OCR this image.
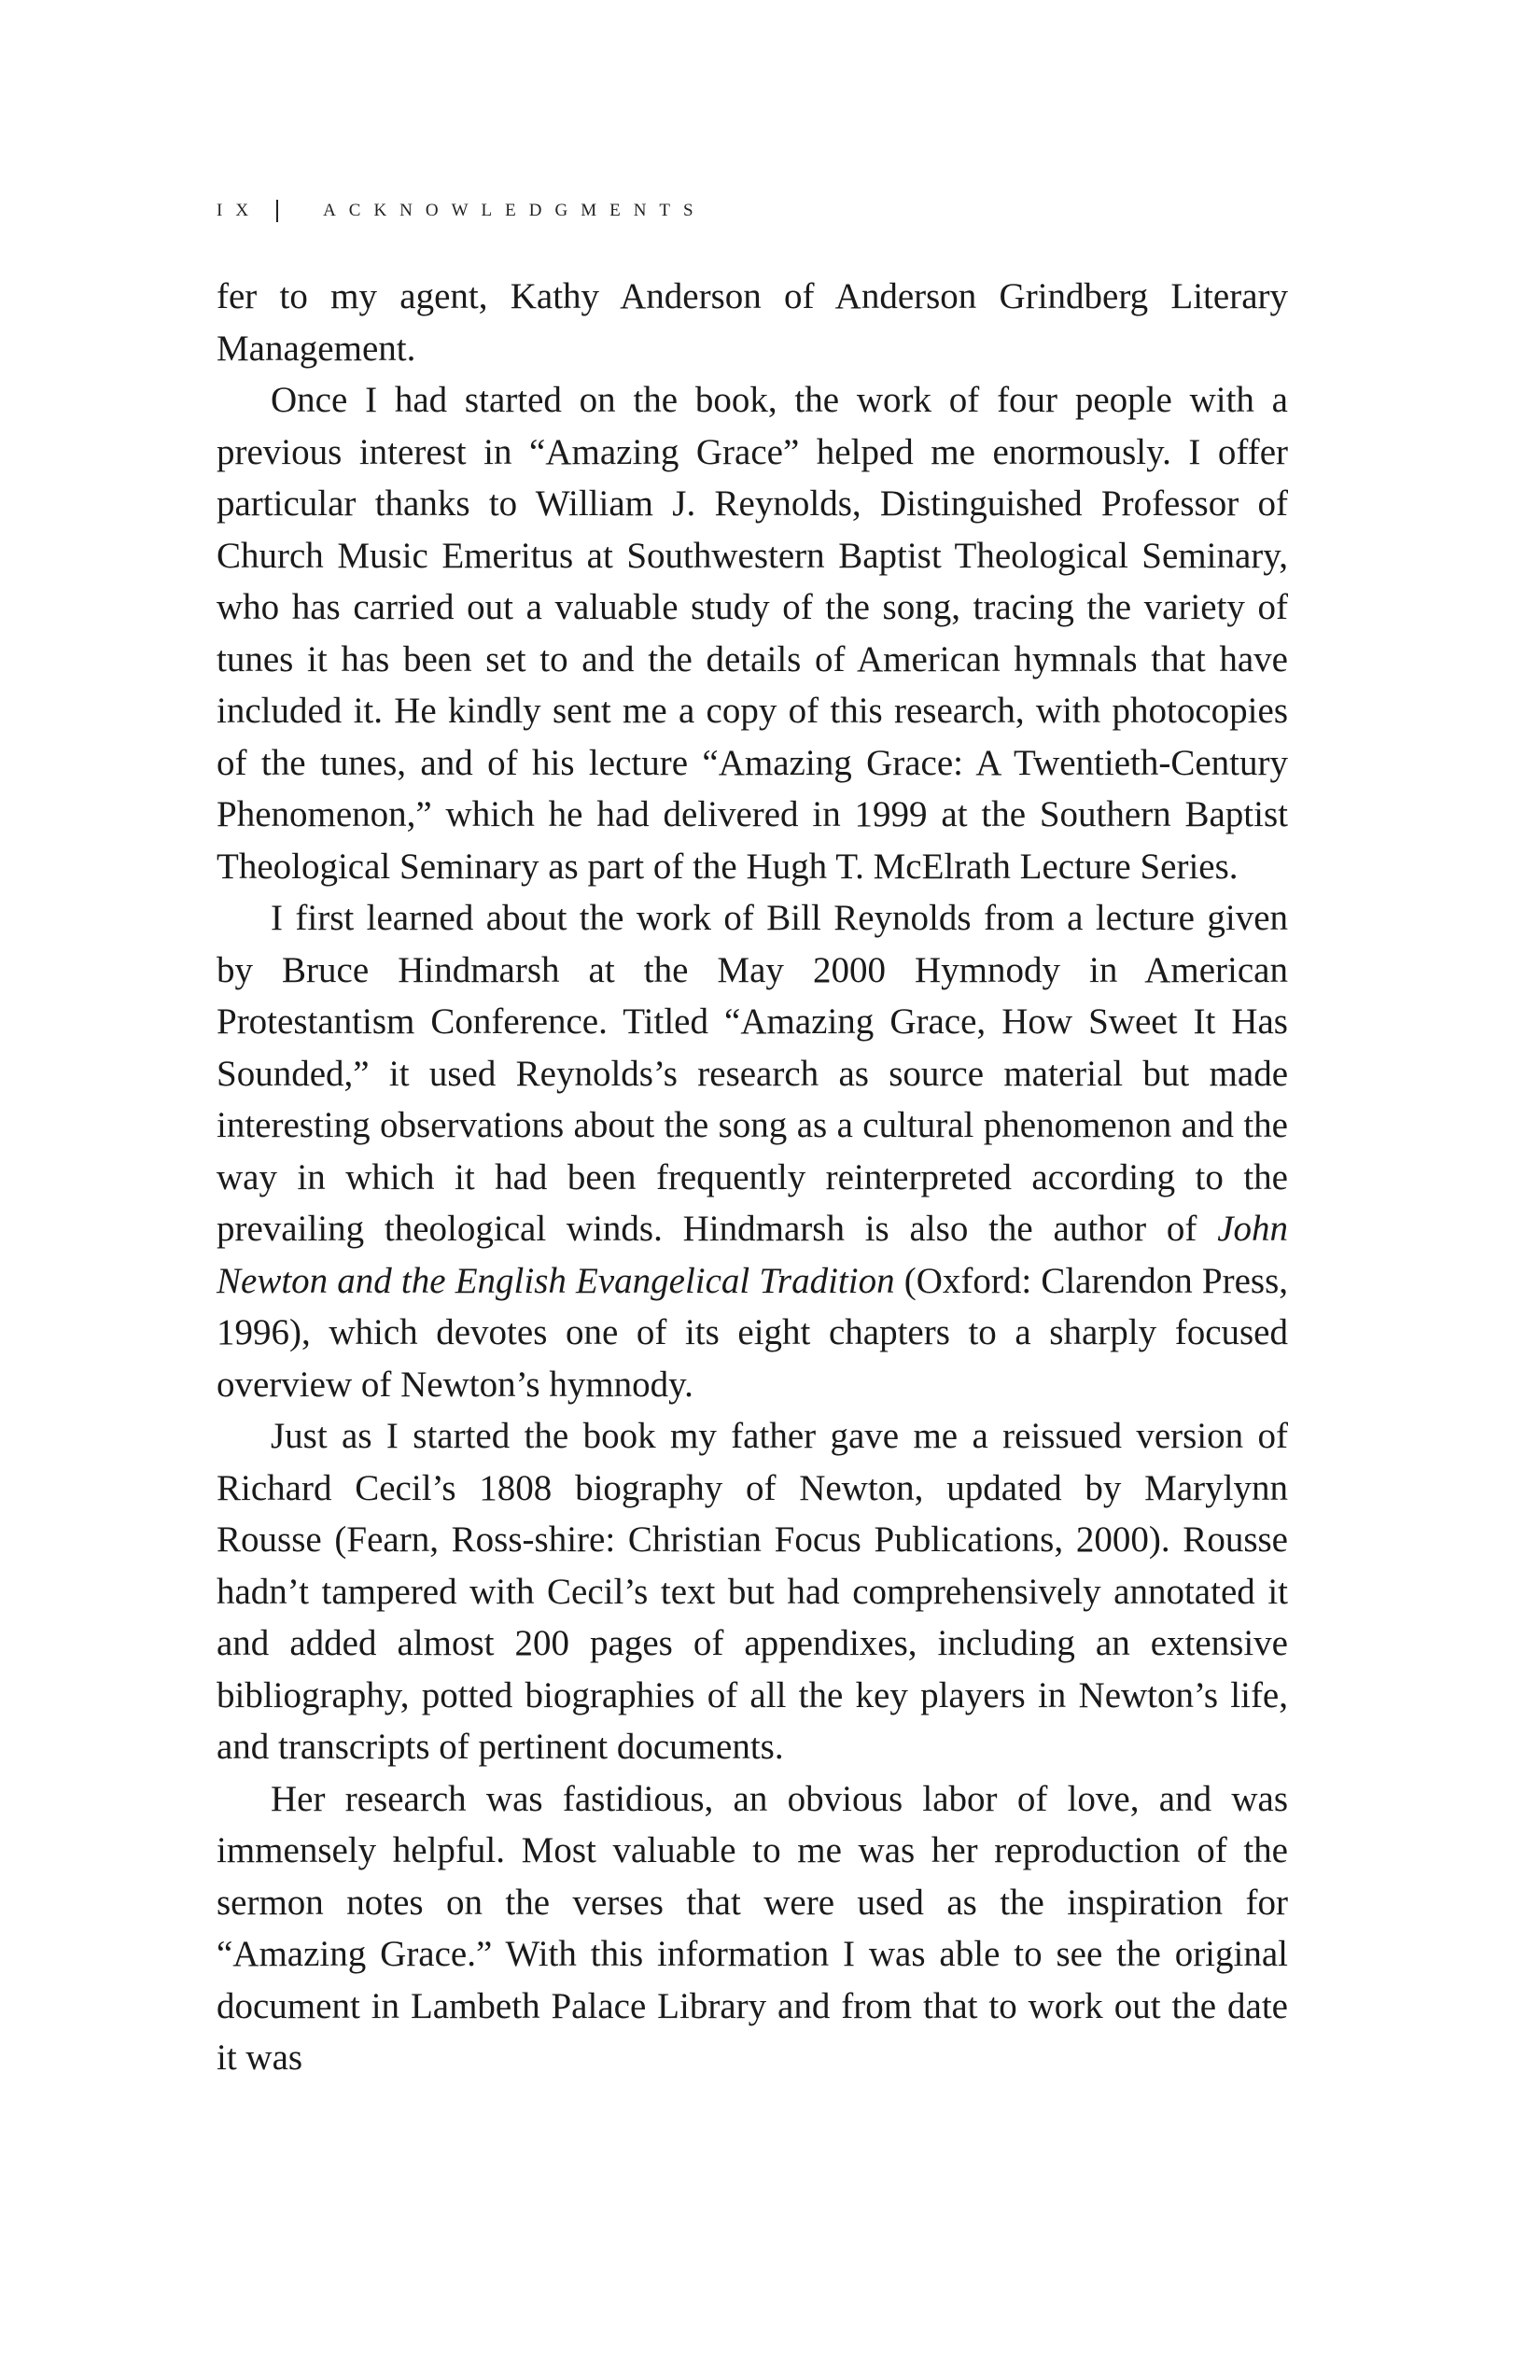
IX	ACKNOWLEDGMENTS

fer to my agent, Kathy Anderson of Anderson Grindberg Literary Management.

Once I had started on the book, the work of four people with a previous interest in “Amazing Grace” helped me enormously. I offer particular thanks to William J. Reynolds, Distinguished Professor of Church Music Emeritus at Southwestern Baptist Theological Seminary, who has carried out a valuable study of the song, tracing the variety of tunes it has been set to and the details of American hymnals that have included it. He kindly sent me a copy of this research, with photocopies of the tunes, and of his lecture “Amazing Grace: A Twentieth-Century Phenomenon,” which he had delivered in 1999 at the Southern Baptist Theological Seminary as part of the Hugh T. McElrath Lecture Series.

I first learned about the work of Bill Reynolds from a lecture given by Bruce Hindmarsh at the May 2000 Hymnody in American Protestantism Conference. Titled “Amazing Grace, How Sweet It Has Sounded,” it used Reynolds’s research as source material but made interesting observations about the song as a cultural phenomenon and the way in which it had been frequently reinterpreted according to the prevailing theological winds. Hindmarsh is also the author of John Newton and the English Evangelical Tradition (Oxford: Clarendon Press, 1996), which devotes one of its eight chapters to a sharply focused overview of Newton’s hymnody.

Just as I started the book my father gave me a reissued version of Richard Cecil’s 1808 biography of Newton, updated by Marylynn Rousse (Fearn, Ross-shire: Christian Focus Publications, 2000). Rousse hadn’t tampered with Cecil’s text but had comprehensively annotated it and added almost 200 pages of appendixes, including an extensive bibliography, potted biographies of all the key players in Newton’s life, and transcripts of pertinent documents.

Her research was fastidious, an obvious labor of love, and was immensely helpful. Most valuable to me was her reproduction of the sermon notes on the verses that were used as the inspiration for “Amazing Grace.” With this information I was able to see the original document in Lambeth Palace Library and from that to work out the date it was
